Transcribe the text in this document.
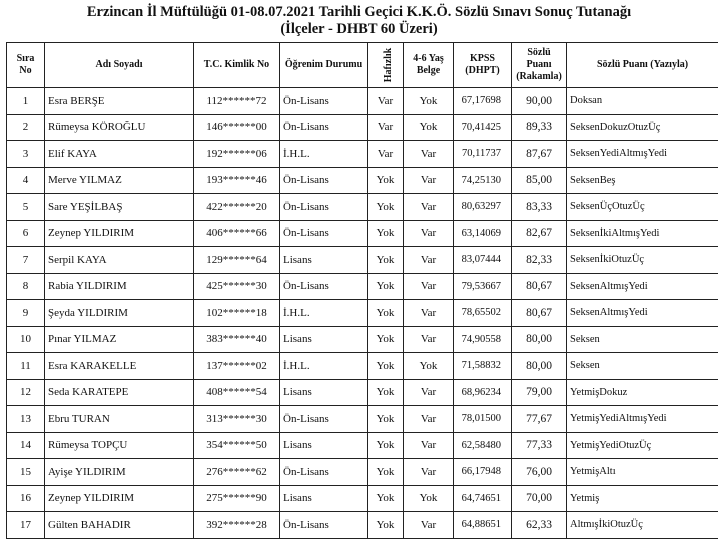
Erzincan İl Müftülüğü 01-08.07.2021 Tarihli Geçici K.K.Ö. Sözlü Sınavı Sonuç Tutanağı
(İlçeler - DHBT 60 Üzeri)
Sıra No	Adı Soyadı	T.C. Kimlik No	Öğrenim Durumu	Hafızlık	4-6 Yaş Belge	KPSS (DHPT)	Sözlü Puanı (Rakamla)	Sözlü Puanı (Yazıyla)
1	Esra BERŞE	112******72	Ön-Lisans	Var	Yok	67,17698	90,00	Doksan
2	Rümeysa KÖROĞLU	146******00	Ön-Lisans	Var	Yok	70,41425	89,33	SeksenDokuzOtuzÜç
3	Elif KAYA	192******06	İ.H.L.	Var	Var	70,11737	87,67	SeksenYediAltmışYedi
4	Merve YILMAZ	193******46	Ön-Lisans	Yok	Var	74,25130	85,00	SeksenBeş
5	Sare YEŞİLBAŞ	422******20	Ön-Lisans	Yok	Var	80,63297	83,33	SeksenÜçOtuzÜç
6	Zeynep YILDIRIM	406******66	Ön-Lisans	Yok	Var	63,14069	82,67	SeksenİkiAltmışYedi
7	Serpil KAYA	129******64	Lisans	Yok	Var	83,07444	82,33	SeksenİkiOtuzÜç
8	Rabia YILDIRIM	425******30	Ön-Lisans	Yok	Var	79,53667	80,67	SeksenAltmışYedi
9	Şeyda YILDIRIM	102******18	İ.H.L.	Yok	Var	78,65502	80,67	SeksenAltmışYedi
10	Pınar YILMAZ	383******40	Lisans	Yok	Var	74,90558	80,00	Seksen
11	Esra KARAKELLE	137******02	İ.H.L.	Yok	Yok	71,58832	80,00	Seksen
12	Seda KARATEPE	408******54	Lisans	Yok	Var	68,96234	79,00	YetmişDokuz
13	Ebru TURAN	313******30	Ön-Lisans	Yok	Var	78,01500	77,67	YetmişYediAltmışYedi
14	Rümeysa TOPÇU	354******50	Lisans	Yok	Var	62,58480	77,33	YetmişYediOtuzÜç
15	Ayişe YILDIRIM	276******62	Ön-Lisans	Yok	Var	66,17948	76,00	YetmişAltı
16	Zeynep YILDIRIM	275******90	Lisans	Yok	Yok	64,74651	70,00	Yetmiş
17	Gülten BAHADIR	392******28	Ön-Lisans	Yok	Var	64,88651	62,33	AltmışİkiOtuzÜç
